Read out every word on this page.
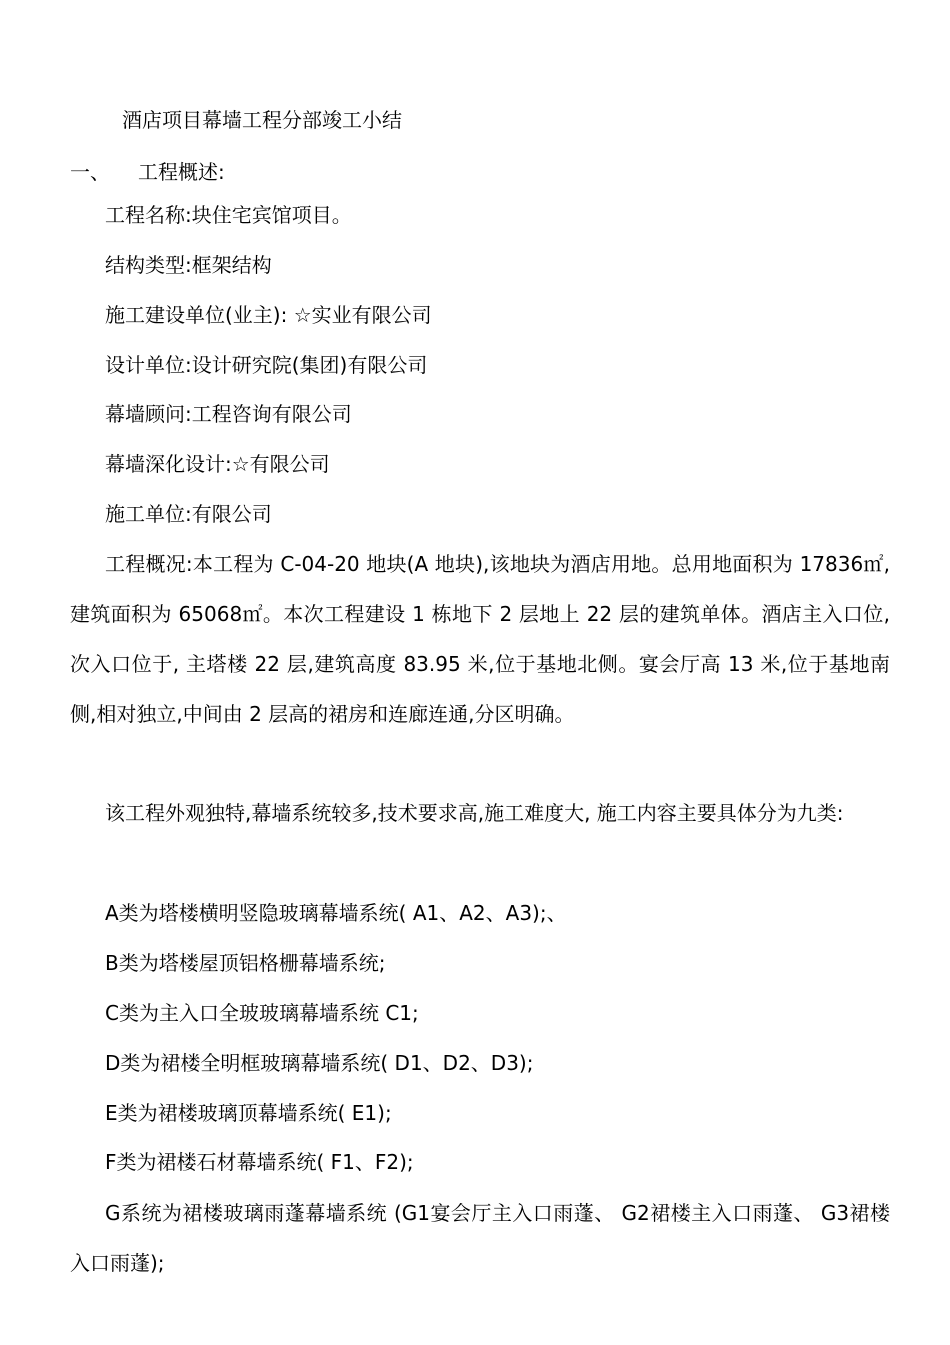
酒店项目幕墙工程分部竣工小结
一、 工程概述:
工程名称:块住宅宾馆项目。
结构类型:框架结构
施工建设单位(业主): ☆实业有限公司
设计单位:设计研究院(集团)有限公司
幕墙顾问:工程咨询有限公司
幕墙深化设计:☆有限公司
施工单位:有限公司
工程概况:本工程为 C-04-20 地块(A 地块),该地块为酒店用地。总用地面积为 17836㎡,建筑面积为 65068㎡。本次工程建设 1 栋地下 2 层地上 22 层的建筑单体。酒店主入口位, 次入口位于, 主塔楼 22 层,建筑高度 83.95 米,位于基地北侧。宴会厅高 13 米,位于基地南侧,相对独立,中间由 2 层高的裙房和连廊连通,分区明确。
该工程外观独特,幕墙系统较多,技术要求高,施工难度大, 施工内容主要具体分为九类:
A类为塔楼横明竖隐玻璃幕墙系统( A1、A2、A3);、
B类为塔楼屋顶铝格栅幕墙系统;
C类为主入口全玻玻璃幕墙系统 C1;
D类为裙楼全明框玻璃幕墙系统( D1、D2、D3);
E类为裙楼玻璃顶幕墙系统( E1);
F类为裙楼石材幕墙系统( F1、F2);
G系统为裙楼玻璃雨蓬幕墙系统 (G1宴会厅主入口雨蓬、 G2裙楼主入口雨蓬、 G3裙楼入口雨蓬);
